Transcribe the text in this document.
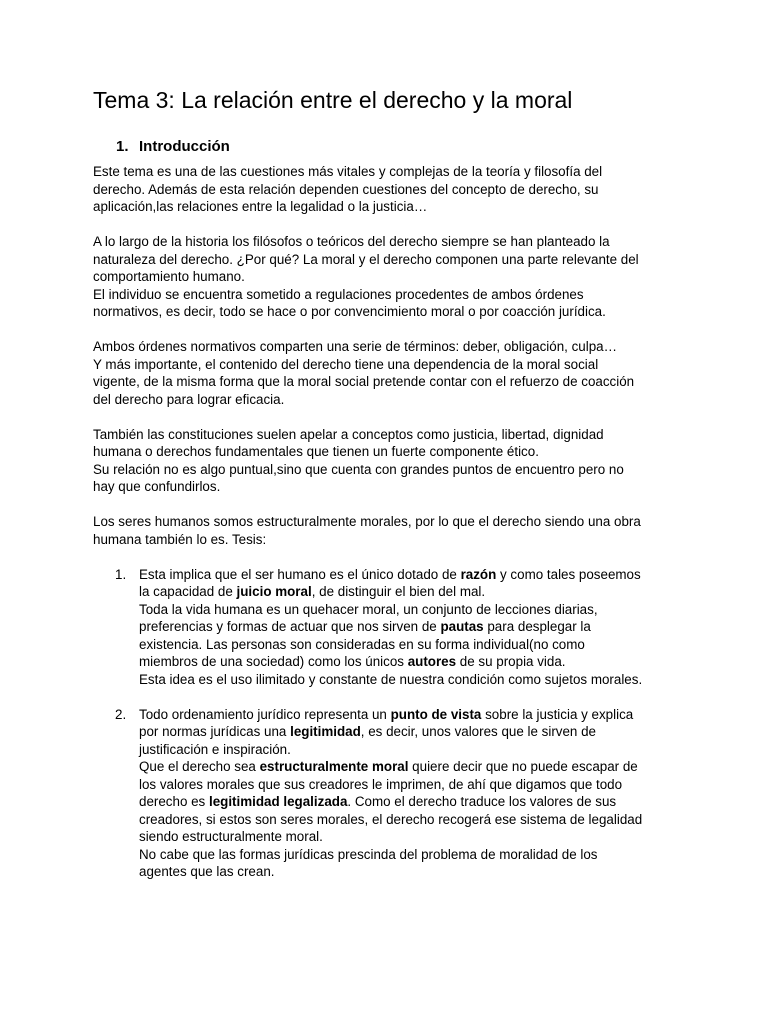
Tema 3: La relación entre el derecho y la moral
1. Introducción

Este tema es una de las cuestiones más vitales y complejas de la teoría y filosofía del
derecho. Además de esta relación dependen cuestiones del concepto de derecho, su
aplicación,las relaciones entre la legalidad o la justicia…

A lo largo de la historia los filósofos o teóricos del derecho siempre se han planteado la
naturaleza del derecho. ¿Por qué? La moral y el derecho componen una parte relevante del
comportamiento humano.
El individuo se encuentra sometido a regulaciones procedentes de ambos órdenes
normativos, es decir, todo se hace o por convencimiento moral o por coacción jurídica.

Ambos órdenes normativos comparten una serie de términos: deber, obligación, culpa…
Y más importante, el contenido del derecho tiene una dependencia de la moral social
vigente, de la misma forma que la moral social pretende contar con el refuerzo de coacción
del derecho para lograr eficacia.

También las constituciones suelen apelar a conceptos como justicia, libertad, dignidad
humana o derechos fundamentales que tienen un fuerte componente ético.
Su relación no es algo puntual,sino que cuenta con grandes puntos de encuentro pero no
hay que confundirlos.

Los seres humanos somos estructuralmente morales, por lo que el derecho siendo una obra
humana también lo es. Tesis:

1. Esta implica que el ser humano es el único dotado de razón y como tales poseemos
la capacidad de juicio moral, de distinguir el bien del mal.
Toda la vida humana es un quehacer moral, un conjunto de lecciones diarias,
preferencias y formas de actuar que nos sirven de pautas para desplegar la
existencia. Las personas son consideradas en su forma individual(no como
miembros de una sociedad) como los únicos autores de su propia vida.
Esta idea es el uso ilimitado y constante de nuestra condición como sujetos morales.
2. Todo ordenamiento jurídico representa un punto de vista sobre la justicia y explica
por normas jurídicas una legitimidad, es decir, unos valores que le sirven de
justificación e inspiración.
Que el derecho sea estructuralmente moral quiere decir que no puede escapar de
los valores morales que sus creadores le imprimen, de ahí que digamos que todo
derecho es legitimidad legalizada. Como el derecho traduce los valores de sus
creadores, si estos son seres morales, el derecho recogerá ese sistema de legalidad
siendo estructuralmente moral.
No cabe que las formas jurídicas prescinda del problema de moralidad de los
agentes que las crean.
